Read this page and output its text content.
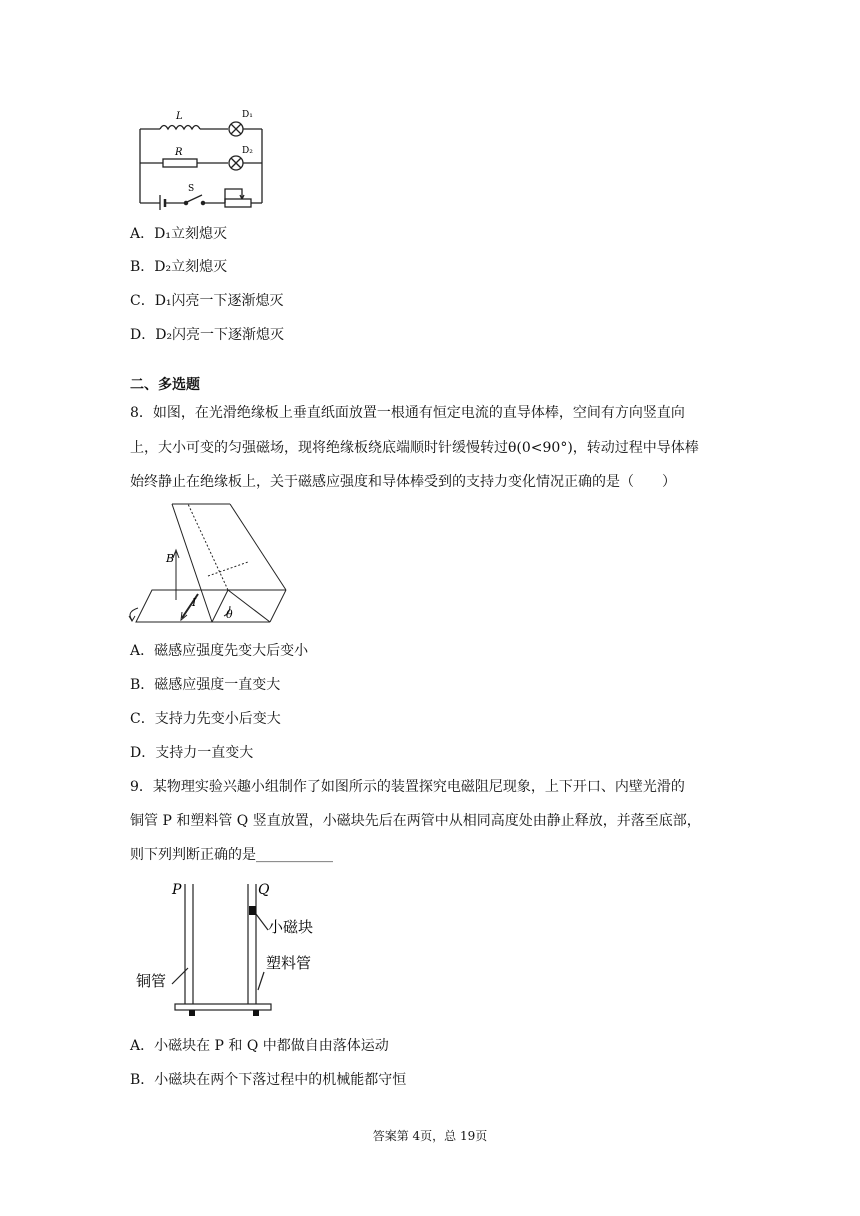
L	D₁
R	D₂
S
A．D₁立刻熄灭
B．D₂立刻熄灭
C．D₁闪亮一下逐渐熄灭
D．D₂闪亮一下逐渐熄灭
二、多选题
8．如图，在光滑绝缘板上垂直纸面放置一根通有恒定电流的直导体棒，空间有方向竖直向
上，大小可变的匀强磁场，现将绝缘板绕底端顺时针缓慢转过θ(0<90°)，转动过程中导体棒
始终静止在绝缘板上，关于磁感应强度和导体棒受到的支持力变化情况正确的是（　　）
B
I
θ
A．磁感应强度先变大后变小
B．磁感应强度一直变大
C．支持力先变小后变大
D．支持力一直变大
9．某物理实验兴趣小组制作了如图所示的装置探究电磁阻尼现象，上下开口、内壁光滑的
铜管 P 和塑料管 Q 竖直放置，小磁块先后在两管中从相同高度处由静止释放，并落至底部，
则下列判断正确的是___________
P	Q
小磁块
塑料管
铜管
A．小磁块在 P 和 Q 中都做自由落体运动
B．小磁块在两个下落过程中的机械能都守恒
答案第 4页，总 19页
